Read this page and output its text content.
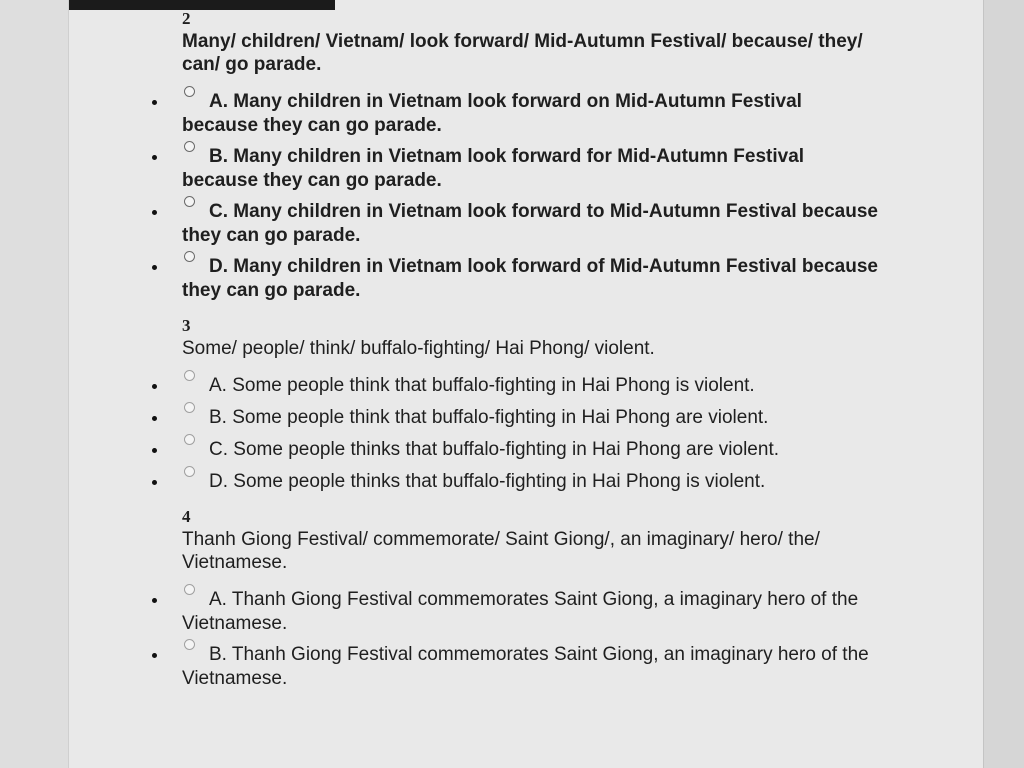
2
Many/ children/ Vietnam/ look forward/ Mid-Autumn Festival/ because/ they/ can/ go parade.
A. Many children in Vietnam look forward on Mid-Autumn Festival because they can go parade.
B. Many children in Vietnam look forward for Mid-Autumn Festival because they can go parade.
C. Many children in Vietnam look forward to Mid-Autumn Festival because they can go parade.
D. Many children in Vietnam look forward of Mid-Autumn Festival because they can go parade.
3
Some/ people/ think/ buffalo-fighting/ Hai Phong/ violent.
A. Some people think that buffalo-fighting in Hai Phong is violent.
B. Some people think that buffalo-fighting in Hai Phong are violent.
C. Some people thinks that buffalo-fighting in Hai Phong are violent.
D. Some people thinks that buffalo-fighting in Hai Phong is violent.
4
Thanh Giong Festival/ commemorate/ Saint Giong/, an imaginary/ hero/ the/ Vietnamese.
A. Thanh Giong Festival commemorates Saint Giong, a imaginary hero of the Vietnamese.
B. Thanh Giong Festival commemorates Saint Giong, an imaginary hero of the Vietnamese.
